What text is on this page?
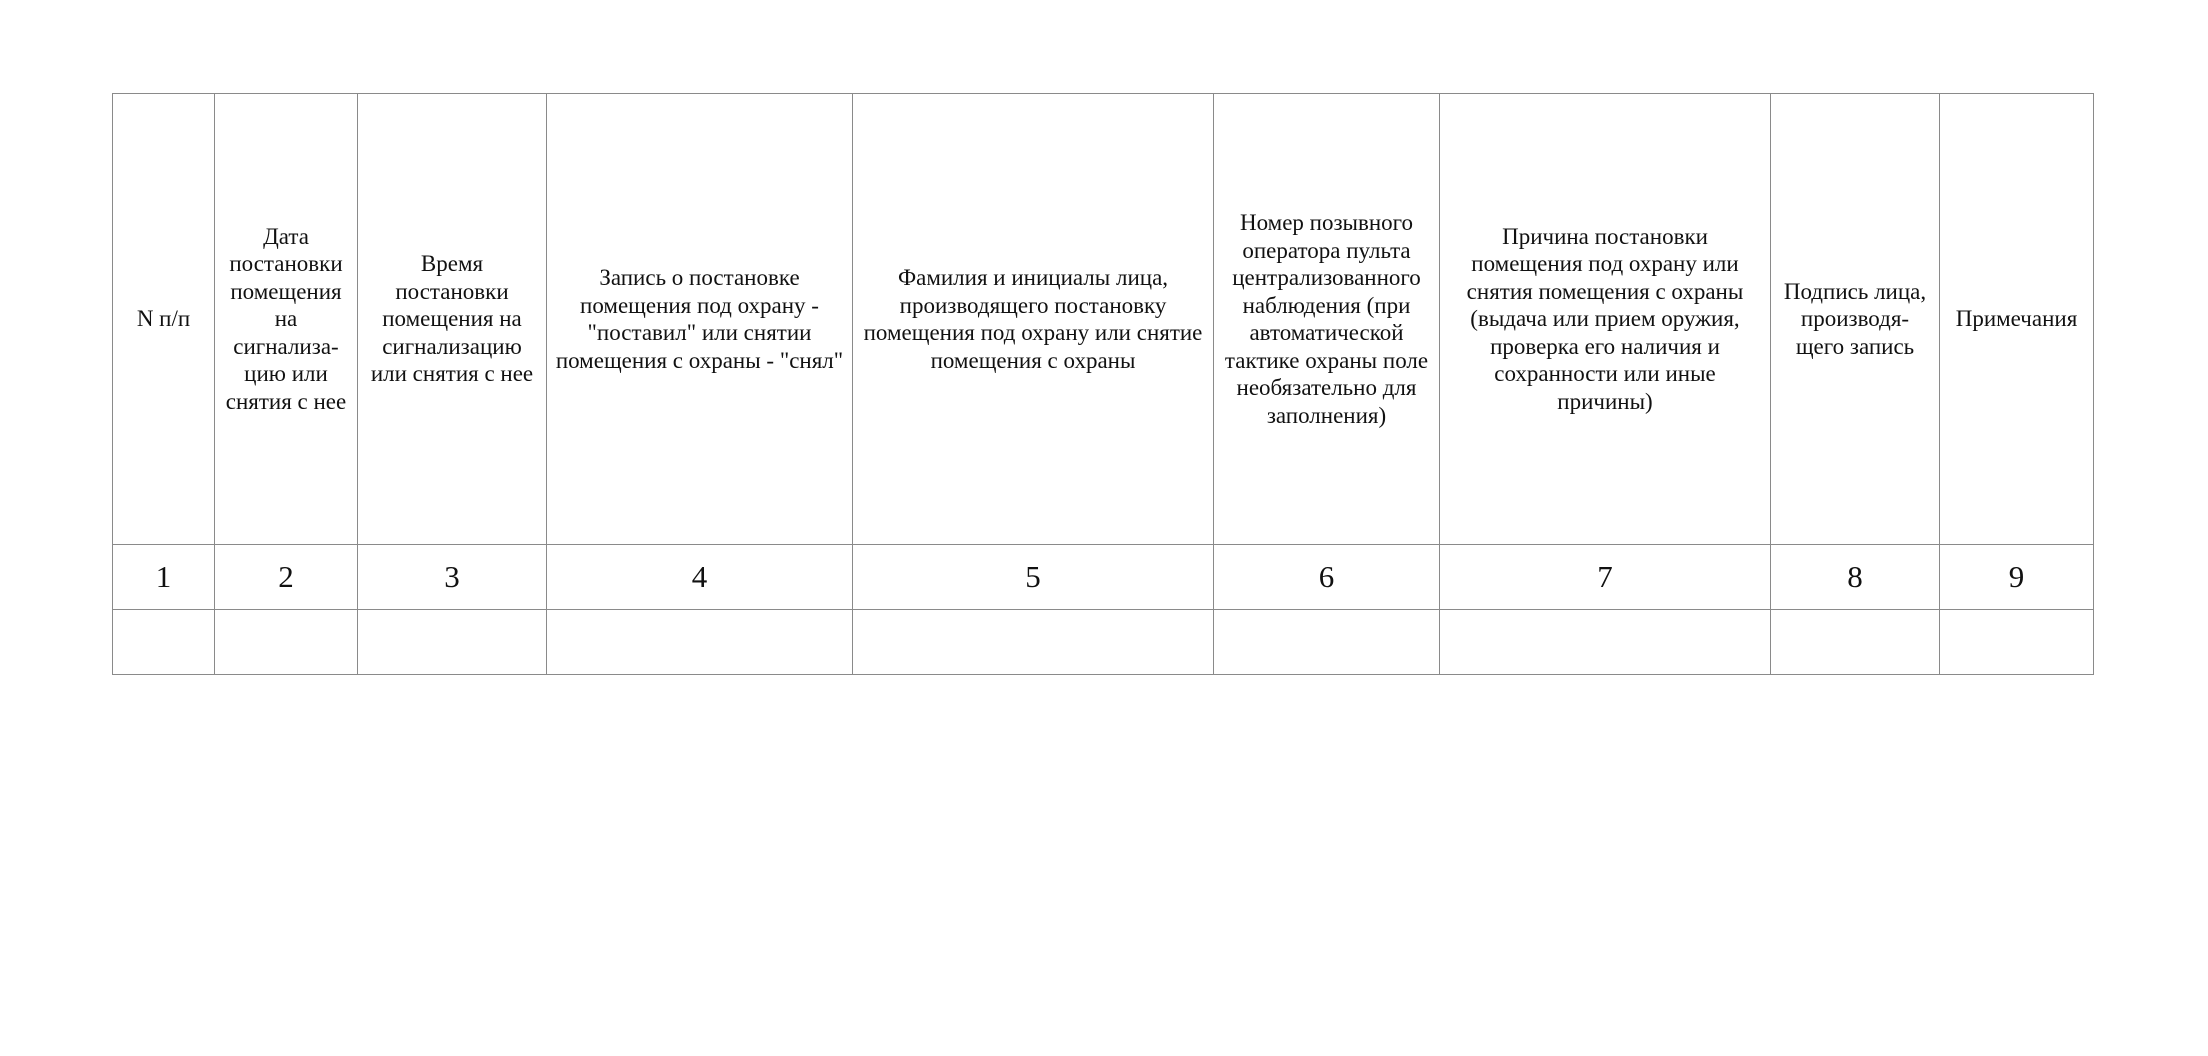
N п/п	Дата постановки помещения на сигнализа-цию или снятия с нее	Время постановки помещения на сигнализацию или снятия с нее	Запись о постановке помещения под охрану - "поставил" или снятии помещения с охраны - "снял"	Фамилия и инициалы лица, производящего постановку помещения под охрану или снятие помещения с охраны	Номер позывного оператора пульта централизованного наблюдения (при автоматической тактике охраны поле необязательно для заполнения)	Причина постановки помещения под охрану или снятия помещения с охраны (выдача или прием оружия, проверка его наличия и сохранности или иные причины)	Подпись лица, производя-щего запись	Примечания
1	2	3	4	5	6	7	8	9
